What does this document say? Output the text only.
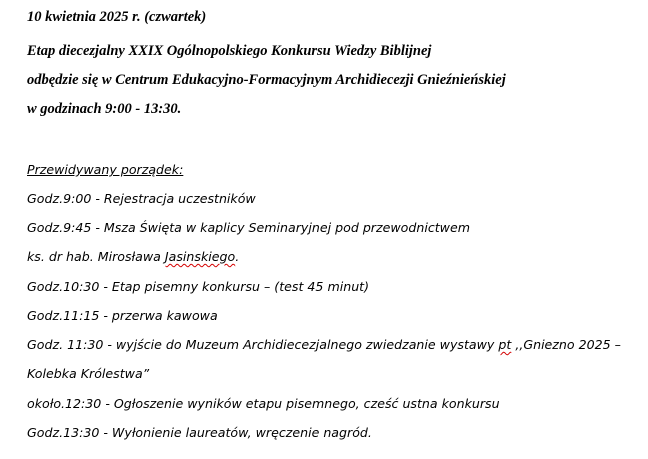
10 kwietnia 2025 r. (czwartek)
Etap diecezjalny XXIX Ogólnopolskiego Konkursu Wiedzy Biblijnej
odbędzie się w Centrum Edukacyjno-Formacyjnym Archidiecezji Gnieźnieńskiej
w godzinach 9:00 - 13:30.
Przewidywany porządek:
Godz.9:00 - Rejestracja uczestników
Godz.9:45 - Msza Święta w kaplicy Seminaryjnej pod przewodnictwem
ks. dr hab. Mirosława Jasinskiego.
Godz.10:30 - Etap pisemny konkursu – (test 45 minut)
Godz.11:15 - przerwa kawowa
Godz. 11:30 - wyjście do Muzeum Archidiecezjalnego zwiedzanie wystawy pt ,,Gniezno 2025 –
Kolebka Królestwa”
około.12:30 - Ogłoszenie wyników etapu pisemnego, cześć ustna konkursu
Godz.13:30 - Wyłonienie laureatów, wręczenie nagród.
